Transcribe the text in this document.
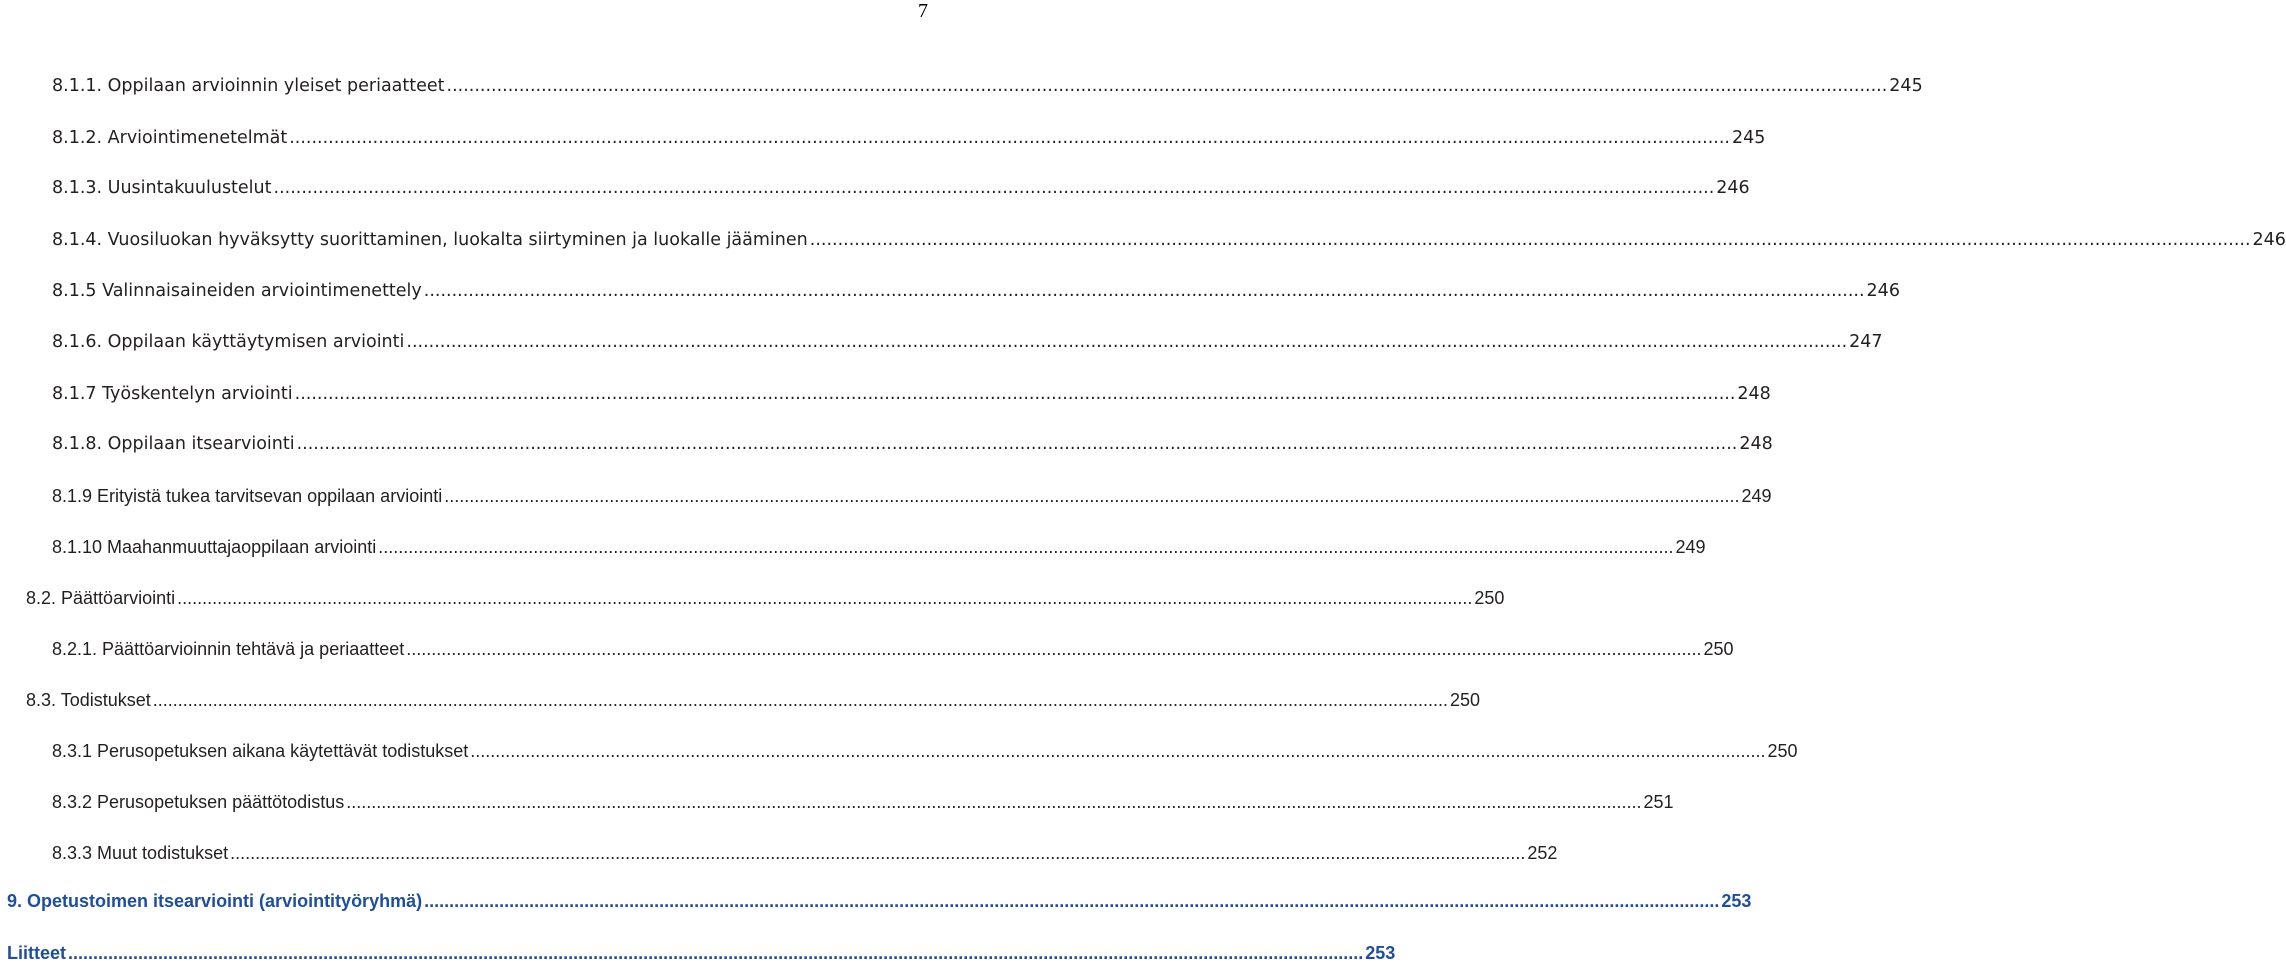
7
8.1.1. Oppilaan arvioinnin yleiset periaatteet .....	245
8.1.2. Arviointimenetelmät .....	245
8.1.3. Uusintakuulustelut .....	246
8.1.4. Vuosiluokan hyväksytty suorittaminen, luokalta siirtyminen ja luokalle jääminen .....	246
8.1.5 Valinnaisaineiden arviointimenettely .....	246
8.1.6. Oppilaan käyttäytymisen arviointi .....	247
8.1.7 Työskentelyn arviointi .....	248
8.1.8. Oppilaan itsearviointi .....	248
8.1.9 Erityistä tukea tarvitsevan oppilaan arviointi .....	249
8.1.10 Maahanmuuttajaoppilaan arviointi .....	249
8.2. Päättöarviointi .....	250
8.2.1. Päättöarvioinnin tehtävä ja periaatteet .....	250
8.3. Todistukset .....	250
8.3.1 Perusopetuksen aikana käytettävät todistukset .....	250
8.3.2 Perusopetuksen päättötodistus .....	251
8.3.3 Muut todistukset .....	252
9. Opetustoimen itsearviointi (arviointityöryhmä) .....	253
Liitteet .....	253
